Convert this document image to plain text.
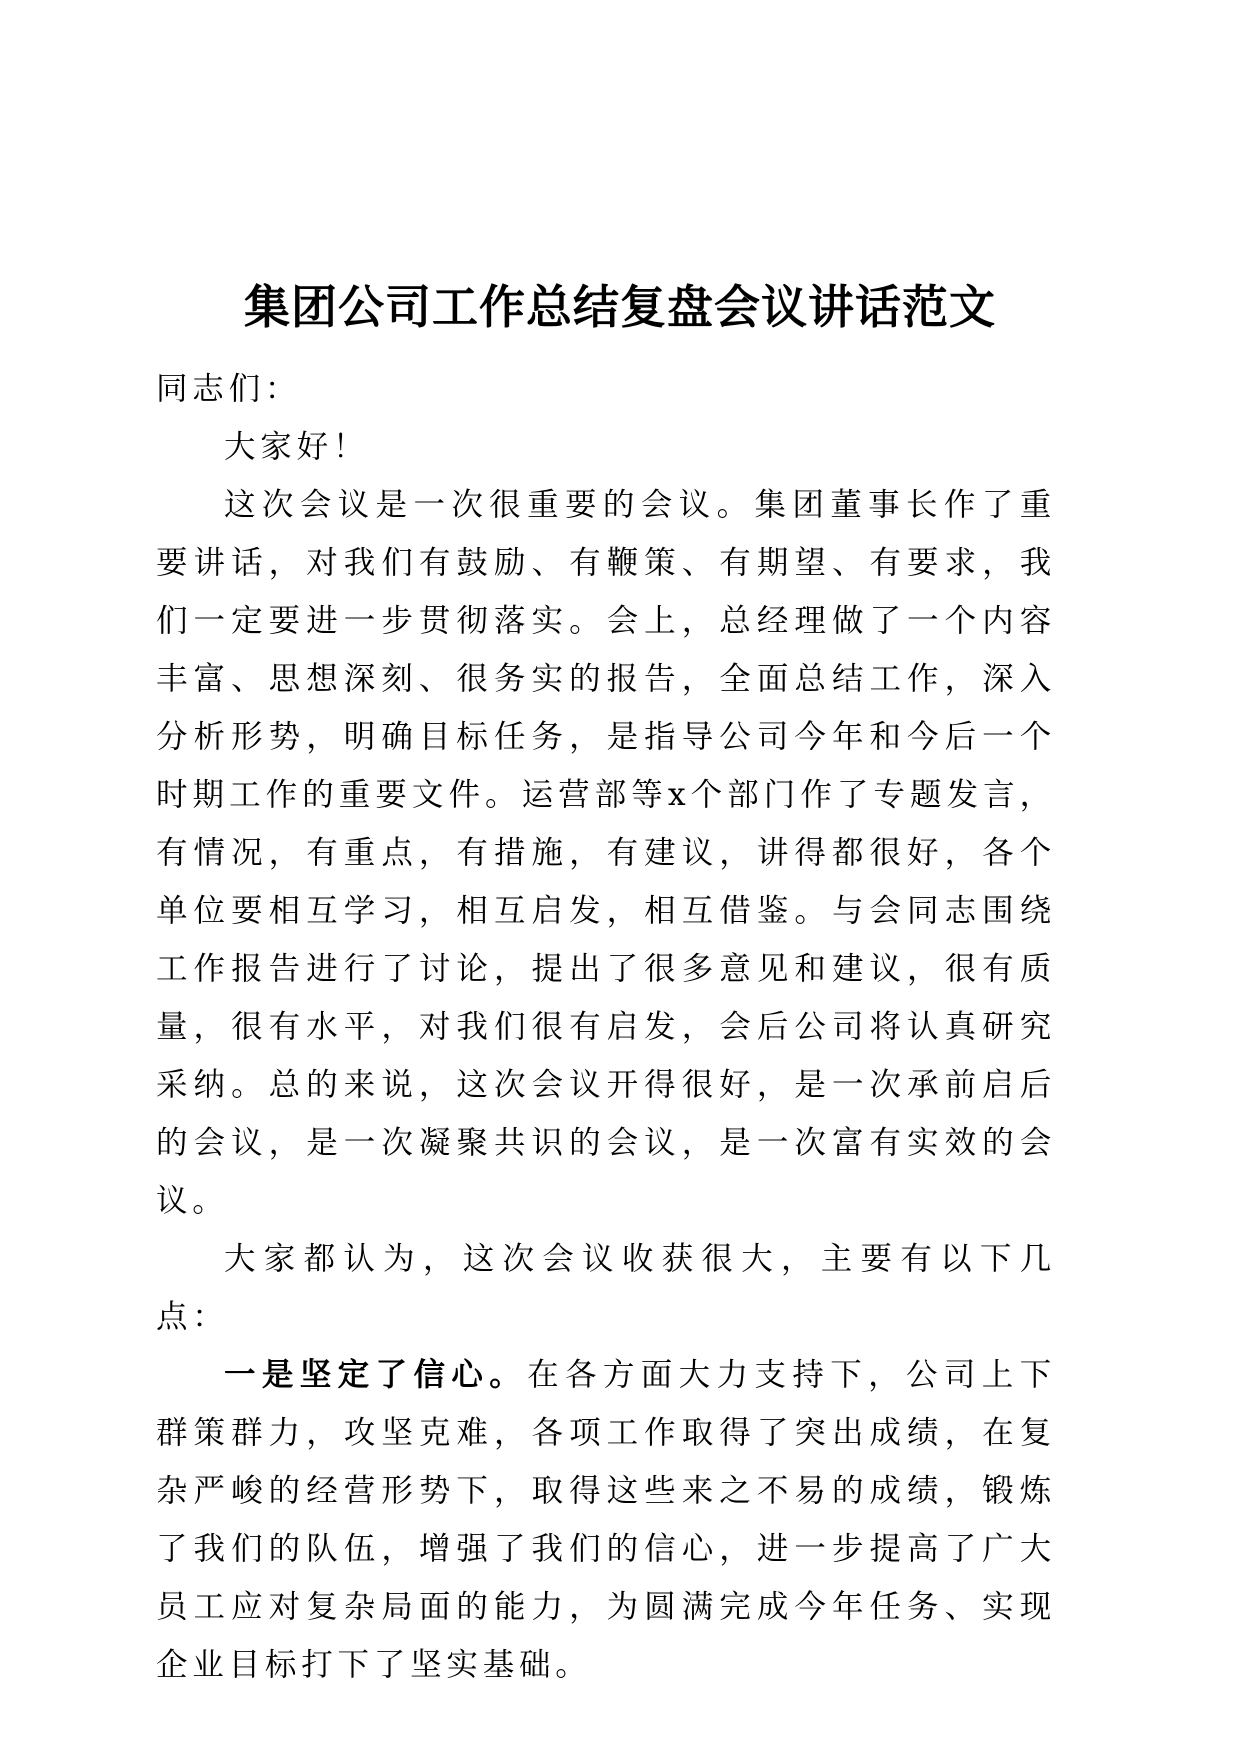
集团公司工作总结复盘会议讲话范文

同志们：

大家好！

这次会议是一次很重要的会议。集团董事长作了重要讲话，对我们有鼓励、有鞭策、有期望、有要求，我们一定要进一步贯彻落实。会上，总经理做了一个内容丰富、思想深刻、很务实的报告，全面总结工作，深入分析形势，明确目标任务，是指导公司今年和今后一个时期工作的重要文件。运营部等x个部门作了专题发言，有情况，有重点，有措施，有建议，讲得都很好，各个单位要相互学习，相互启发，相互借鉴。与会同志围绕工作报告进行了讨论，提出了很多意见和建议，很有质量，很有水平，对我们很有启发，会后公司将认真研究采纳。总的来说，这次会议开得很好，是一次承前启后的会议，是一次凝聚共识的会议，是一次富有实效的会议。

大家都认为，这次会议收获很大，主要有以下几点：

一是坚定了信心。在各方面大力支持下，公司上下群策群力，攻坚克难，各项工作取得了突出成绩，在复杂严峻的经营形势下，取得这些来之不易的成绩，锻炼了我们的队伍，增强了我们的信心，进一步提高了广大员工应对复杂局面的能力，为圆满完成今年任务、实现企业目标打下了坚实基础。
